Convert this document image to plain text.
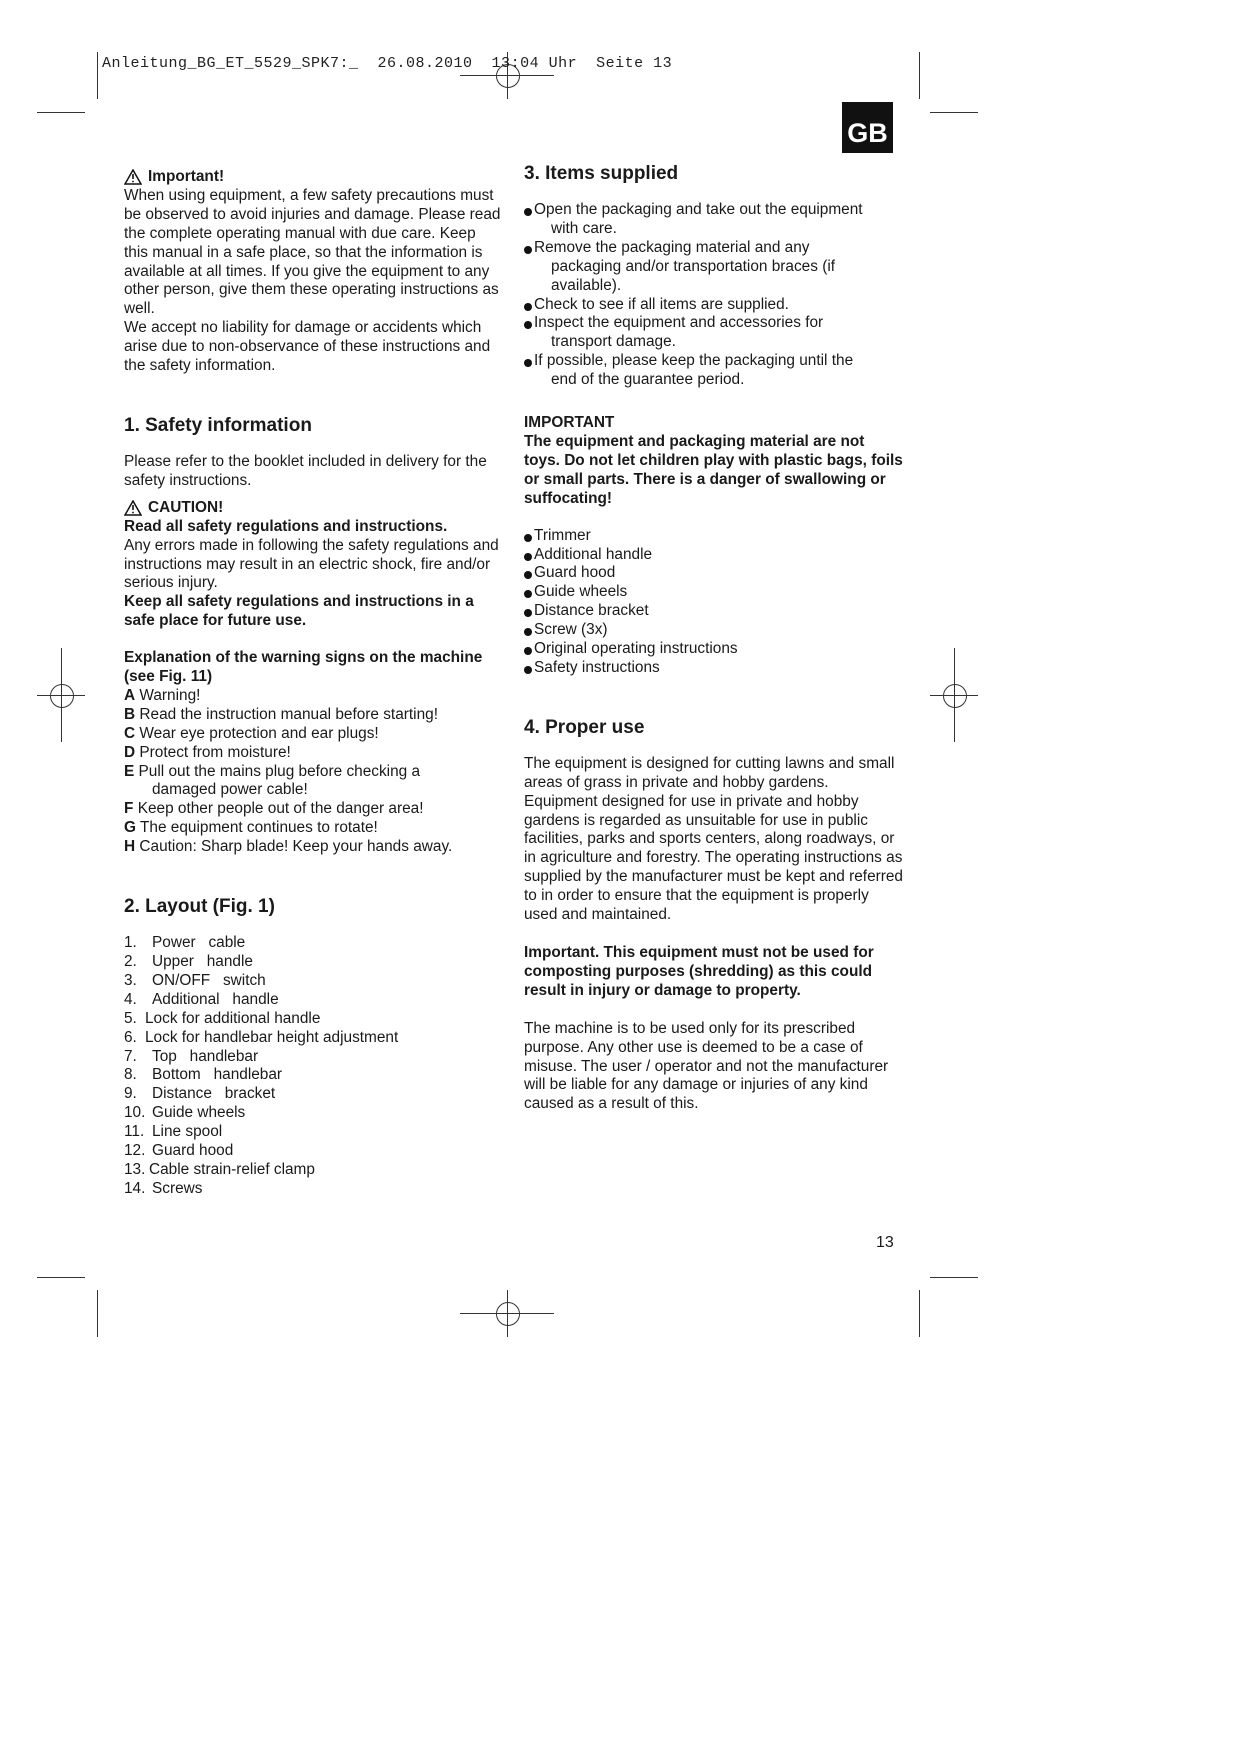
Anleitung_BG_ET_5529_SPK7:_  26.08.2010  13:04 Uhr  Seite 13
GB
Important!

When using equipment, a few safety precautions must be observed to avoid injuries and damage. Please read the complete operating manual with due care. Keep this manual in a safe place, so that the information is available at all times. If you give the equipment to any other person, give them these operating instructions as well.

We accept no liability for damage or accidents which arise due to non-observance of these instructions and the safety information.

1. Safety information

Please refer to the booklet included in delivery for the safety instructions.

CAUTION!

Read all safety regulations and instructions.

Any errors made in following the safety regulations and instructions may result in an electric shock, fire and/or serious injury.

Keep all safety regulations and instructions in a safe place for future use.

Explanation of the warning signs on the machine (see Fig. 11)

A Warning!
B Read the instruction manual before starting!
C Wear eye protection and ear plugs!
D Protect from moisture!
E Pull out the mains plug before checking a
damaged power cable!
F Keep other people out of the danger area!
G The equipment continues to rotate!
H Caution: Sharp blade! Keep your hands away.
2. Layout (Fig. 1)
1. Power   cable
2. Upper   handle
3. ON/OFF   switch
4. Additional   handle
5. Lock for additional handle
6. Lock for handlebar height adjustment
7. Top   handlebar
8. Bottom   handlebar
9. Distance   bracket
10. Guide wheels
11. Line spool
12. Guard hood
13. Cable strain-relief clamp
14. Screws
3. Items supplied
Open the packaging and take out the equipment
with care.
Remove the packaging material and any
packaging and/or transportation braces (if available).
Check to see if all items are supplied.
Inspect the equipment and accessories for
transport damage.
If possible, please keep the packaging until the
end of the guarantee period.

IMPORTANT

The equipment and packaging material are not toys. Do not let children play with plastic bags, foils or small parts. There is a danger of swallowing or suffocating!

Trimmer
Additional handle
Guard hood
Guide wheels
Distance bracket
Screw (3x)
Original operating instructions
Safety instructions
4. Proper use

The equipment is designed for cutting lawns and small areas of grass in private and hobby gardens. Equipment designed for use in private and hobby gardens is regarded as unsuitable for use in public facilities, parks and sports centers, along roadways, or in agriculture and forestry. The operating instructions as supplied by the manufacturer must be kept and referred to in order to ensure that the equipment is properly used and maintained.

Important. This equipment must not be used for composting purposes (shredding) as this could result in injury or damage to property.

The machine is to be used only for its prescribed purpose. Any other use is deemed to be a case of misuse. The user / operator and not the manufacturer will be liable for any damage or injuries of any kind caused as a result of this.

13
